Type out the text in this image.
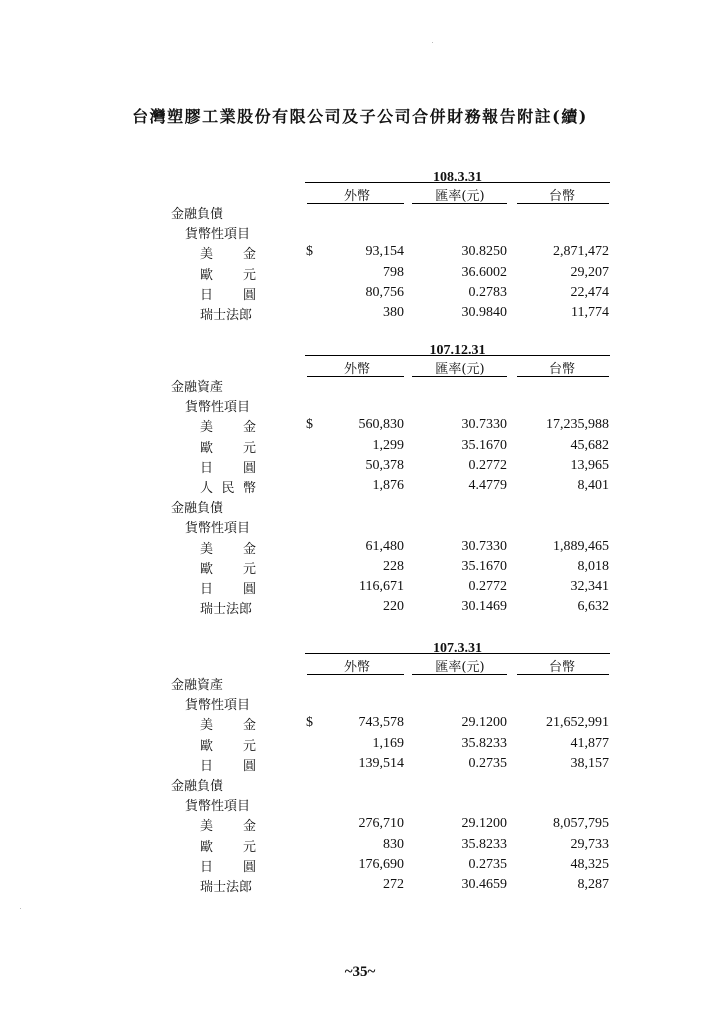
台灣塑膠工業股份有限公司及子公司合併財務報告附註(續)
108.3.31
外幣	匯率(元)	台幣
金融負債
貨幣性項目
美 金	$	93,154	30.8250	2,871,472
歐 元	798	36.6002	29,207
日 圓	80,756	0.2783	22,474
瑞士法郎	380	30.9840	11,774
107.12.31
外幣	匯率(元)	台幣
金融資產
貨幣性項目
美 金	$	560,830	30.7330	17,235,988
歐 元	1,299	35.1670	45,682
日 圓	50,378	0.2772	13,965
人 民 幣	1,876	4.4779	8,401
金融負債
貨幣性項目
美 金	61,480	30.7330	1,889,465
歐 元	228	35.1670	8,018
日 圓	116,671	0.2772	32,341
瑞士法郎	220	30.1469	6,632
107.3.31
外幣	匯率(元)	台幣
金融資產
貨幣性項目
美 金	$	743,578	29.1200	21,652,991
歐 元	1,169	35.8233	41,877
日 圓	139,514	0.2735	38,157
金融負債
貨幣性項目
美 金	276,710	29.1200	8,057,795
歐 元	830	35.8233	29,733
日 圓	176,690	0.2735	48,325
瑞士法郎	272	30.4659	8,287
~35~
